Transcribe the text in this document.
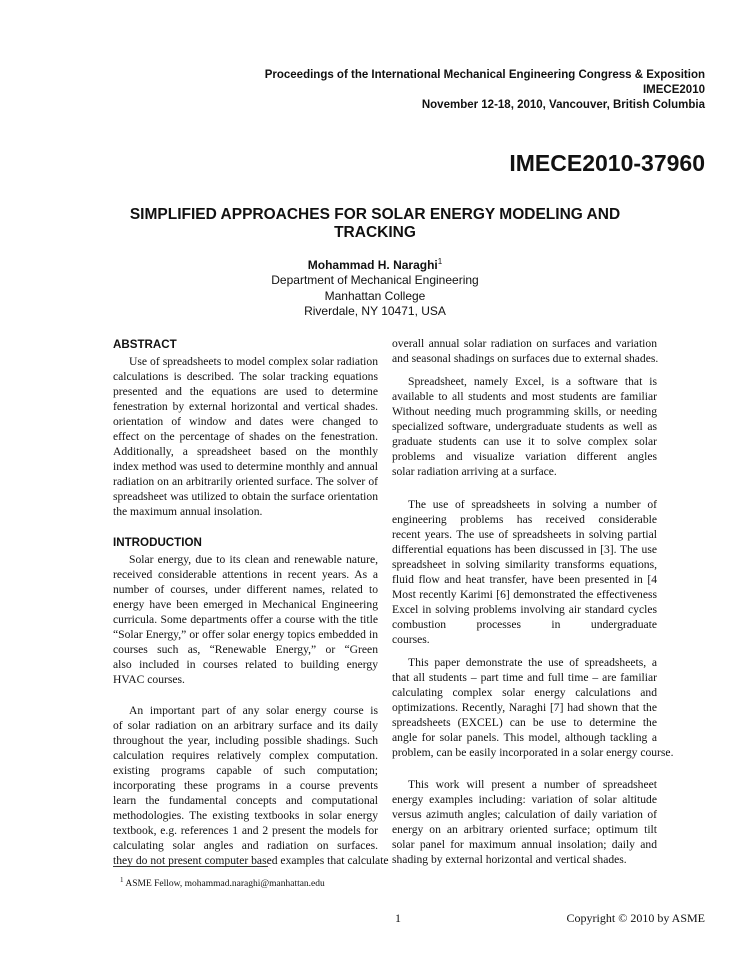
Proceedings of the International Mechanical Engineering Congress & Exposition
IMECE2010
November 12-18, 2010, Vancouver, British Columbia
IMECE2010-37960
SIMPLIFIED APPROACHES FOR SOLAR ENERGY MODELING AND
TRACKING
Mohammad H. Naraghi$^1$
Department of Mechanical Engineering
Manhattan College
Riverdale, NY 10471, USA
ABSTRACT
Use of spreadsheets to model complex solar radiation
calculations is described. The solar tracking equations
presented and the equations are used to determine
fenestration by external horizontal and vertical shades.
orientation of window and dates were changed to
effect on the percentage of shades on the fenestration.
Additionally, a spreadsheet based on the monthly
index method was used to determine monthly and annual
radiation on an arbitrarily oriented surface. The solver of
spreadsheet was utilized to obtain the surface orientation
the maximum annual insolation.
INTRODUCTION
Solar energy, due to its clean and renewable nature,
received considerable attentions in recent years. As a
number of courses, under different names, related to
energy have been emerged in Mechanical Engineering
curricula. Some departments offer a course with the title
“Solar Energy,” or offer solar energy topics embedded in
courses such as, “Renewable Energy,” or “Green
also included in courses related to building energy
HVAC courses.
An important part of any solar energy course is
of solar radiation on an arbitrary surface and its daily
throughout the year, including possible shadings. Such
calculation requires relatively complex computation.
existing programs capable of such computation;
incorporating these programs in a course prevents
learn the fundamental concepts and computational
methodologies. The existing textbooks in solar energy
textbook, e.g. references 1 and 2 present the models for
calculating solar angles and radiation on surfaces.
they do not present computer based examples that calculate
overall annual solar radiation on surfaces and variation
and seasonal shadings on surfaces due to external shades.
Spreadsheet, namely Excel, is a software that is
available to all students and most students are familiar
Without needing much programming skills, or needing
specialized software, undergraduate students as well as
graduate students can use it to solve complex solar
problems and visualize variation different angles
solar radiation arriving at a surface.
The use of spreadsheets in solving a number of
engineering problems has received considerable
recent years. The use of spreadsheets in solving partial
differential equations has been discussed in [3]. The use
spreadsheet in solving similarity transforms equations,
fluid flow and heat transfer, have been presented in [4
Most recently Karimi [6] demonstrated the effectiveness
Excel in solving problems involving air standard cycles
combustion processes in undergraduate
courses.
This paper demonstrate the use of spreadsheets, a
that all students – part time and full time – are familiar
calculating complex solar energy calculations and
optimizations. Recently, Naraghi [7] had shown that the
spreadsheets (EXCEL) can be use to determine the
angle for solar panels. This model, although tackling a
problem, can be easily incorporated in a solar energy course.
This work will present a number of spreadsheet
energy examples including: variation of solar altitude
versus azimuth angles; calculation of daily variation of
energy on an arbitrary oriented surface; optimum tilt
solar panel for maximum annual insolation; daily and
shading by external horizontal and vertical shades.
$^1$ ASME Fellow, mohammad.naraghi@manhattan.edu
1	Copyright © 2010 by ASME
